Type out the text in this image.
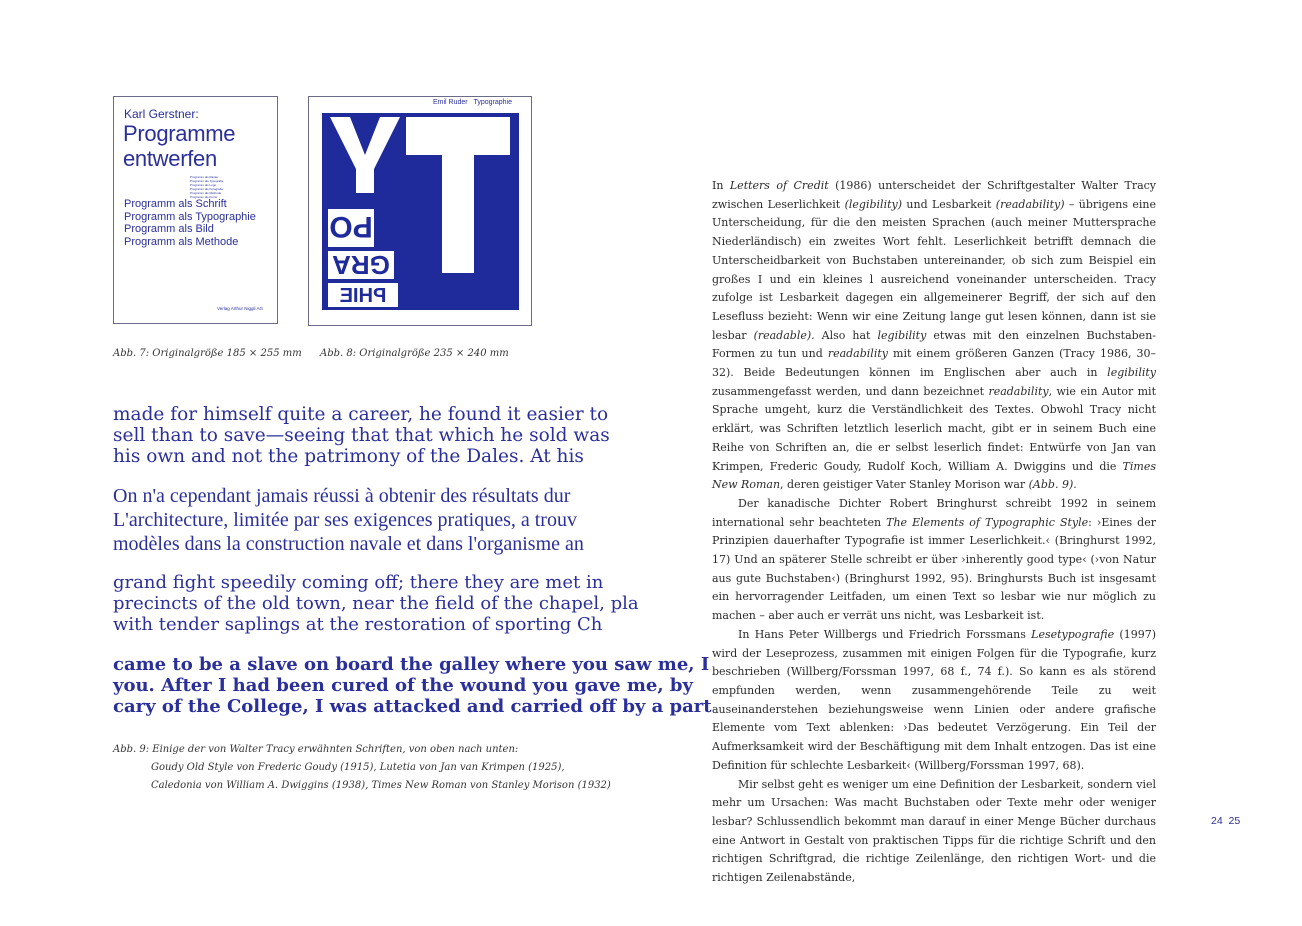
Karl Gerstner:
Programme
entwerfen
Programm als Raster
Programm als Typografie
Programm als Logo
Programm als Fotografie
Programm als Methode
Programm als Kunst
Programm als Schrift
Programm als Typographie
Programm als Bild
Programm als Methode
Verlag Arthur Niggli AG
Emil Ruder Typographie
PO
GRA
PHIE
Abb. 7: Originalgröße 185 × 255 mm Abb. 8: Originalgröße 235 × 240 mm
made for himself quite a career, he found it easier to
sell than to save—seeing that that which he sold was
his own and not the patrimony of the Dales. At his
On n'a cependant jamais réussi à obtenir des résultats dur
L'architecture, limitée par ses exigences pratiques, a trouv
modèles dans la construction navale et dans l'organisme an
grand fight speedily coming off; there they are met in
precincts of the old town, near the field of the chapel, pla
with tender saplings at the restoration of sporting Ch
came to be a slave on board the galley where you saw me, I
you. After I had been cured of the wound you gave me, by
cary of the College, I was attacked and carried off by a part
Abb. 9: Einige der von Walter Tracy erwähnten Schriften, von oben nach unten:
Goudy Old Style von Frederic Goudy (1915), Lutetia von Jan van Krimpen (1925),
Caledonia von William A. Dwiggins (1938), Times New Roman von Stanley Morison (1932)

In Letters of Credit (1986) unterscheidet der Schriftgestalter Walter Tracy zwischen Leserlichkeit (legibility) und Lesbarkeit (readability) – übrigens eine Unterscheidung, für die den meisten Sprachen (auch meiner Muttersprache Niederländisch) ein zweites Wort fehlt. Leserlichkeit betrifft demnach die Unterscheidbarkeit von Buchstaben untereinander, ob sich zum Beispiel ein großes I und ein kleines l ausreichend voneinander unterscheiden. Tracy zufolge ist Lesbarkeit dagegen ein allgemeinerer Begriff, der sich auf den Lesefluss bezieht: Wenn wir eine Zeitung lange gut lesen können, dann ist sie lesbar (readable). Also hat legibility etwas mit den einzelnen Buchstaben-Formen zu tun und readability mit einem größeren Ganzen (Tracy 1986, 30–32). Beide Bedeutungen können im Englischen aber auch in legibility zusammengefasst werden, und dann bezeichnet readability, wie ein Autor mit Sprache umgeht, kurz die Verständlichkeit des Textes. Obwohl Tracy nicht erklärt, was Schriften letztlich leserlich macht, gibt er in seinem Buch eine Reihe von Schriften an, die er selbst leserlich findet: Entwürfe von Jan van Krimpen, Frederic Goudy, Rudolf Koch, William A. Dwiggins und die Times New Roman, deren geistiger Vater Stanley Morison war (Abb. 9).

Der kanadische Dichter Robert Bringhurst schreibt 1992 in seinem international sehr beachteten The Elements of Typographic Style: ›Eines der Prinzipien dauerhafter Typografie ist immer Leserlichkeit.‹ (Bringhurst 1992, 17) Und an späterer Stelle schreibt er über ›inherently good type‹ (›von Natur aus gute Buchstaben‹) (Bringhurst 1992, 95). Bringhursts Buch ist insgesamt ein hervorragender Leitfaden, um einen Text so lesbar wie nur möglich zu machen – aber auch er verrät uns nicht, was Lesbarkeit ist.

In Hans Peter Willbergs und Friedrich Forssmans Lesetypografie (1997) wird der Leseprozess, zusammen mit einigen Folgen für die Typografie, kurz beschrieben (Willberg/Forssman 1997, 68 f., 74 f.). So kann es als störend empfunden werden, wenn zusammengehörende Teile zu weit auseinanderstehen beziehungsweise wenn Linien oder andere grafische Elemente vom Text ablenken: ›Das bedeutet Verzögerung. Ein Teil der Aufmerksamkeit wird der Beschäftigung mit dem Inhalt entzogen. Das ist eine Definition für schlechte Lesbarkeit‹ (Willberg/Forssman 1997, 68).

Mir selbst geht es weniger um eine Definition der Lesbarkeit, sondern viel mehr um Ursachen: Was macht Buchstaben oder Texte mehr oder weniger lesbar? Schlussendlich bekommt man darauf in einer Menge Bücher durchaus eine Antwort in Gestalt von praktischen Tipps für die richtige Schrift und den richtigen Schriftgrad, die richtige Zeilenlänge, den richtigen Wort- und die richtigen Zeilenabstände,

24 25
